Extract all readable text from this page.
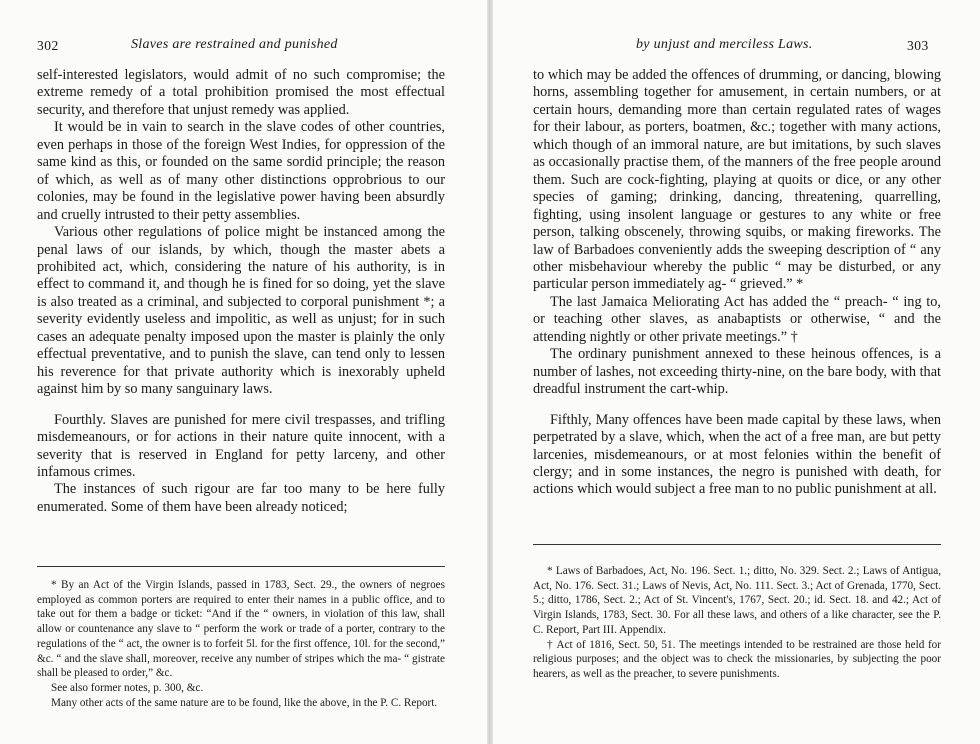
302	Slaves are restrained and punished

self-interested legislators, would admit of no such compromise; the extreme remedy of a total prohibition promised the most effectual security, and therefore that unjust remedy was applied.

It would be in vain to search in the slave codes of other countries, even perhaps in those of the foreign West Indies, for oppression of the same kind as this, or founded on the same sordid principle; the reason of which, as well as of many other distinctions opprobrious to our colonies, may be found in the legislative power having been absurdly and cruelly intrusted to their petty assemblies.

Various other regulations of police might be instanced among the penal laws of our islands, by which, though the master abets a prohibited act, which, considering the nature of his authority, is in effect to command it, and though he is fined for so doing, yet the slave is also treated as a criminal, and subjected to corporal punishment *; a severity evidently useless and impolitic, as well as unjust; for in such cases an adequate penalty imposed upon the master is plainly the only effectual preventative, and to punish the slave, can tend only to lessen his reverence for that private authority which is inexorably upheld against him by so many sanguinary laws.

Fourthly. Slaves are punished for mere civil trespasses, and trifling misdemeanours, or for actions in their nature quite innocent, with a severity that is reserved in England for petty larceny, and other infamous crimes.

The instances of such rigour are far too many to be here fully enumerated. Some of them have been already noticed;

* By an Act of the Virgin Islands, passed in 1783, Sect. 29., the owners of negroes employed as common porters are required to enter their names in a public office, and to take out for them a badge or ticket: “And if the “ owners, in violation of this law, shall allow or countenance any slave to “ perform the work or trade of a porter, contrary to the regulations of the “ act, the owner is to forfeit 5l. for the first offence, 10l. for the second,” &c. “ and the slave shall, moreover, receive any number of stripes which the ma- “ gistrate shall be pleased to order,” &c.

See also former notes, p. 300, &c.

Many other acts of the same nature are to be found, like the above, in the P. C. Report.

by unjust and merciless Laws.	303

to which may be added the offences of drumming, or dancing, blowing horns, assembling together for amusement, in certain numbers, or at certain hours, demanding more than certain regulated rates of wages for their labour, as porters, boatmen, &c.; together with many actions, which though of an immoral nature, are but imitations, by such slaves as occasionally practise them, of the manners of the free people around them. Such are cock-fighting, playing at quoits or dice, or any other species of gaming; drinking, dancing, threatening, quarrelling, fighting, using insolent language or gestures to any white or free person, talking obscenely, throwing squibs, or making fireworks. The law of Barbadoes conveniently adds the sweeping description of “ any other misbehaviour whereby the public “ may be disturbed, or any particular person immediately ag- “ grieved.” *

The last Jamaica Meliorating Act has added the “ preach- “ ing to, or teaching other slaves, as anabaptists or otherwise, “ and the attending nightly or other private meetings.” †

The ordinary punishment annexed to these heinous offences, is a number of lashes, not exceeding thirty-nine, on the bare body, with that dreadful instrument the cart-whip.

Fifthly, Many offences have been made capital by these laws, when perpetrated by a slave, which, when the act of a free man, are but petty larcenies, misdemeanours, or at most felonies within the benefit of clergy; and in some instances, the negro is punished with death, for actions which would subject a free man to no public punishment at all.

* Laws of Barbadoes, Act, No. 196. Sect. 1.; ditto, No. 329. Sect. 2.; Laws of Antigua, Act, No. 176. Sect. 31.; Laws of Nevis, Act, No. 111. Sect. 3.; Act of Grenada, 1770, Sect. 5.; ditto, 1786, Sect. 2.; Act of St. Vincent's, 1767, Sect. 20.; id. Sect. 18. and 42.; Act of Virgin Islands, 1783, Sect. 30. For all these laws, and others of a like character, see the P. C. Report, Part III. Appendix.

† Act of 1816, Sect. 50, 51. The meetings intended to be restrained are those held for religious purposes; and the object was to check the missionaries, by subjecting the poor hearers, as well as the preacher, to severe punishments.
